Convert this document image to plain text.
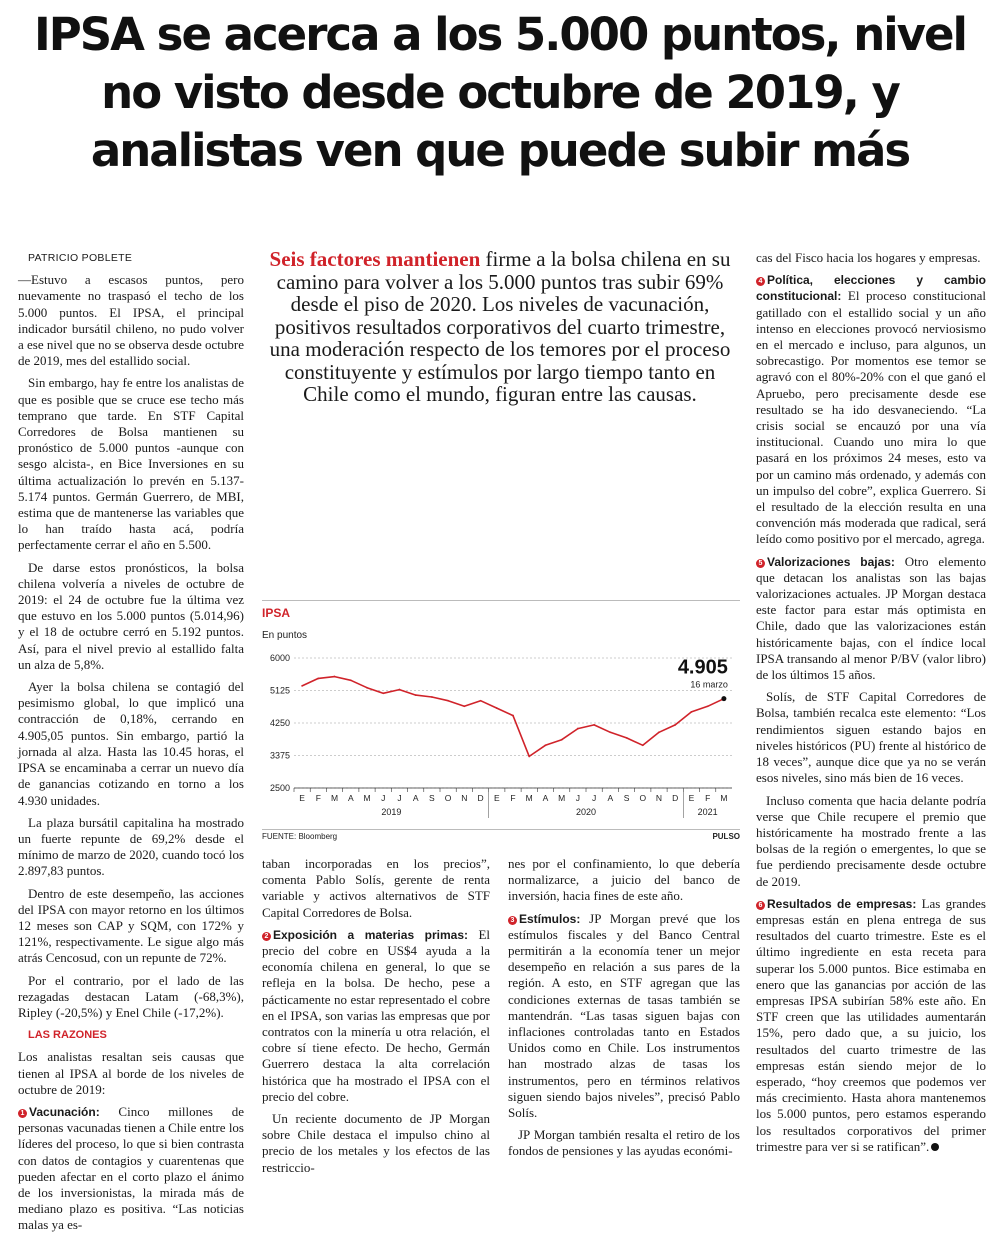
IPSA se acerca a los 5.000 puntos, nivel no visto desde octubre de 2019, y analistas ven que puede subir más

PATRICIO POBLETE

—Estuvo a escasos puntos, pero nuevamente no traspasó el techo de los 5.000 puntos. El IPSA, el principal indicador bursátil chileno, no pudo volver a ese nivel que no se observa desde octubre de 2019, mes del estallido social.

Sin embargo, hay fe entre los analistas de que es posible que se cruce ese techo más temprano que tarde. En STF Capital Corredores de Bolsa mantienen su pronóstico de 5.000 puntos -aunque con sesgo alcista-, en Bice Inversiones en su última actualización lo prevén en 5.137-5.174 puntos. Germán Guerrero, de MBI, estima que de mantenerse las variables que lo han traído hasta acá, podría perfectamente cerrar el año en 5.500.

De darse estos pronósticos, la bolsa chilena volvería a niveles de octubre de 2019: el 24 de octubre fue la última vez que estuvo en los 5.000 puntos (5.014,96) y el 18 de octubre cerró en 5.192 puntos. Así, para el nivel previo al estallido falta un alza de 5,8%.

Ayer la bolsa chilena se contagió del pesimismo global, lo que implicó una contracción de 0,18%, cerrando en 4.905,05 puntos. Sin embargo, partió la jornada al alza. Hasta las 10.45 horas, el IPSA se encaminaba a cerrar un nuevo día de ganancias cotizando en torno a los 4.930 unidades.

La plaza bursátil capitalina ha mostrado un fuerte repunte de 69,2% desde el mínimo de marzo de 2020, cuando tocó los 2.897,83 puntos.

Dentro de este desempeño, las acciones del IPSA con mayor retorno en los últimos 12 meses son CAP y SQM, con 172% y 121%, respectivamente. Le sigue algo más atrás Cencosud, con un repunte de 72%.

Por el contrario, por el lado de las rezagadas destacan Latam (-68,3%), Ripley (-20,5%) y Enel Chile (-17,2%).

LAS RAZONES

Los analistas resaltan seis causas que tienen al IPSA al borde de los niveles de octubre de 2019:

1 Vacunación: Cinco millones de personas vacunadas tienen a Chile entre los líderes del proceso, lo que si bien contrasta con datos de contagios y cuarentenas que pueden afectar en el corto plazo el ánimo de los inversionistas, la mirada más de mediano plazo es positiva. “Las noticias malas ya es-

Seis factores mantienen firme a la bolsa chilena en su camino para volver a los 5.000 puntos tras subir 69% desde el piso de 2020. Los niveles de vacunación, positivos resultados corporativos del cuarto trimestre, una moderación respecto de los temores por el proceso constituyente y estímulos por largo tiempo tanto en Chile como el mundo, figuran entre las causas.
IPSA
En puntos
2500
3375
4250
5125
6000
E F M A M J J A S O N D E F M A M J J A S O N D E F M
2019	2020	2021
4.905
16 marzo
FUENTE: Bloomberg	PULSO

taban incorporadas en los precios”, comenta Pablo Solís, gerente de renta variable y activos alternativos de STF Capital Corredores de Bolsa.

2 Exposición a materias primas: El precio del cobre en US$4 ayuda a la economía chilena en general, lo que se refleja en la bolsa. De hecho, pese a pácticamente no estar representado el cobre en el IPSA, son varias las empresas que por contratos con la minería u otra relación, el cobre sí tiene efecto. De hecho, Germán Guerrero destaca la alta correlación histórica que ha mostrado el IPSA con el precio del cobre.

Un reciente documento de JP Morgan sobre Chile destaca el impulso chino al precio de los metales y los efectos de las restriccio-

nes por el confinamiento, lo que debería normalizarce, a juicio del banco de inversión, hacia fines de este año.

3 Estímulos: JP Morgan prevé que los estímulos fiscales y del Banco Central permitirán a la economía tener un mejor desempeño en relación a sus pares de la región. A esto, en STF agregan que las condiciones externas de tasas también se mantendrán. “Las tasas siguen bajas con inflaciones controladas tanto en Estados Unidos como en Chile. Los instrumentos han mostrado alzas de tasas los instrumentos, pero en términos relativos siguen siendo bajos niveles”, precisó Pablo Solís.

JP Morgan también resalta el retiro de los fondos de pensiones y las ayudas económi-

cas del Fisco hacia los hogares y empresas.

4 Política, elecciones y cambio constitucional: El proceso constitucional gatillado con el estallido social y un año intenso en elecciones provocó nerviosismo en el mercado e incluso, para algunos, un sobrecastigo. Por momentos ese temor se agravó con el 80%-20% con el que ganó el Apruebo, pero precisamente desde ese resultado se ha ido desvaneciendo. “La crisis social se encauzó por una vía institucional. Cuando uno mira lo que pasará en los próximos 24 meses, esto va por un camino más ordenado, y además con un impulso del cobre”, explica Guerrero. Si el resultado de la elección resulta en una convención más moderada que radical, será leído como positivo por el mercado, agrega.

5 Valorizaciones bajas: Otro elemento que detacan los analistas son las bajas valorizaciones actuales. JP Morgan destaca este factor para estar más optimista en Chile, dado que las valorizaciones están históricamente bajas, con el índice local IPSA transando al menor P/BV (valor libro) de los últimos 15 años.

Solís, de STF Capital Corredores de Bolsa, también recalca este elemento: “Los rendimientos siguen estando bajos en niveles históricos (PU) frente al histórico de 18 veces”, aunque dice que ya no se verán esos niveles, sino más bien de 16 veces.

Incluso comenta que hacia delante podría verse que Chile recupere el premio que históricamente ha mostrado frente a las bolsas de la región o emergentes, lo que se fue perdiendo precisamente desde octubre de 2019.

6 Resultados de empresas: Las grandes empresas están en plena entrega de sus resultados del cuarto trimestre. Este es el último ingrediente en esta receta para superar los 5.000 puntos. Bice estimaba en enero que las ganancias por acción de las empresas IPSA subirían 58% este año. En STF creen que las utilidades aumentarán 15%, pero dado que, a su juicio, los resultados del cuarto trimestre de las empresas están siendo mejor de lo esperado, “hoy creemos que podemos ver más crecimiento. Hasta ahora mantenemos los 5.000 puntos, pero estamos esperando los resultados corporativos del primer trimestre para ver si se ratifican”.
